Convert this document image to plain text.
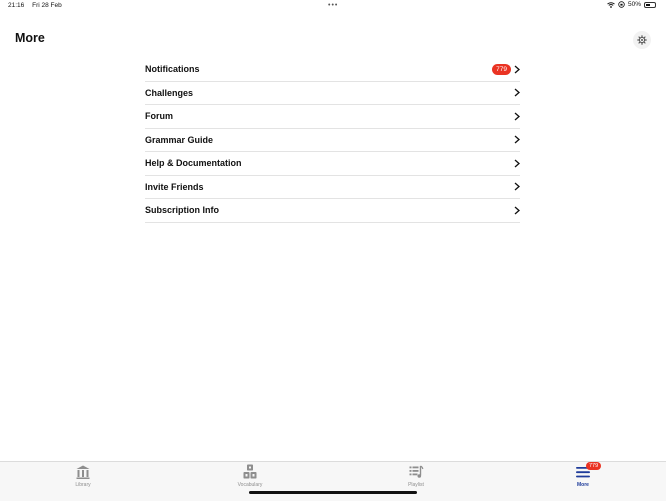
21:16 Fri 28 Feb	•••	50%
More
Notifications	779
Challenges
Forum
Grammar Guide
Help & Documentation
Invite Friends
Subscription Info
Library	Vocabulary	Playlist
779
More
